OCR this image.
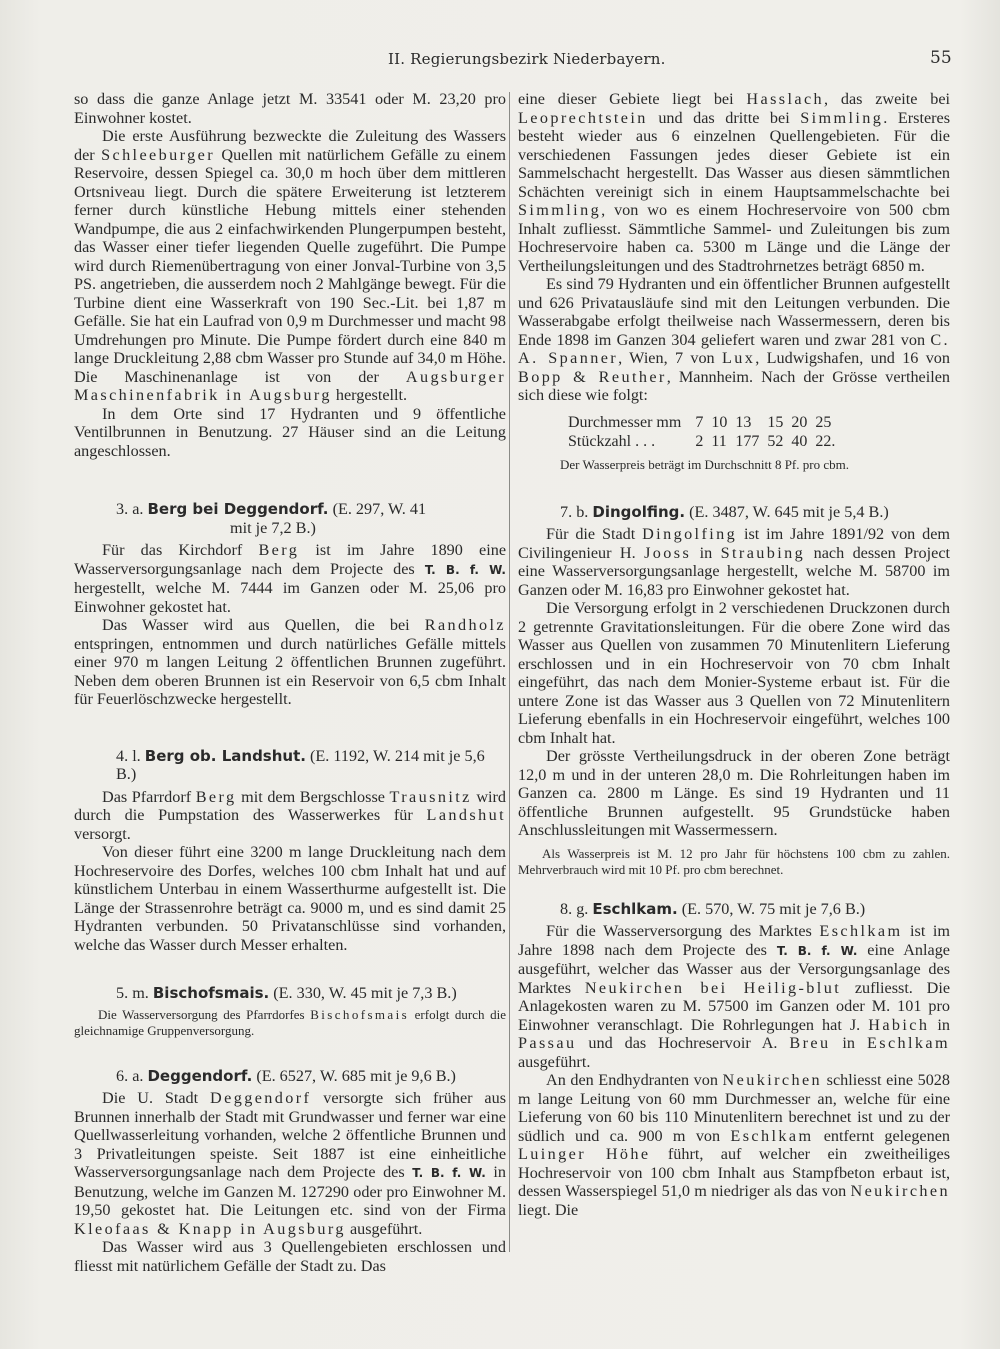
II. Regierungsbezirk Niederbayern.	55

so dass die ganze Anlage jetzt M. 33541 oder M. 23,20 pro Einwohner kostet.

Die erste Ausführung bezweckte die Zuleitung des Wassers der Schleeburger Quellen mit natürlichem Gefälle zu einem Reservoire, dessen Spiegel ca. 30,0 m hoch über dem mittleren Ortsniveau liegt. Durch die spätere Erweiterung ist letzterem ferner durch künstliche Hebung mittels einer stehenden Wandpumpe, die aus 2 einfachwirkenden Plungerpumpen besteht, das Wasser einer tiefer liegenden Quelle zugeführt. Die Pumpe wird durch Riemenübertragung von einer Jonval-Turbine von 3,5 PS. angetrieben, die ausserdem noch 2 Mahlgänge bewegt. Für die Turbine dient eine Wasserkraft von 190 Sec.-Lit. bei 1,87 m Gefälle. Sie hat ein Laufrad von 0,9 m Durchmesser und macht 98 Umdrehungen pro Minute. Die Pumpe fördert durch eine 840 m lange Druckleitung 2,88 cbm Wasser pro Stunde auf 34,0 m Höhe. Die Maschinenanlage ist von der Augsburger Maschinenfabrik in Augsburg hergestellt.

In dem Orte sind 17 Hydranten und 9 öffentliche Ventilbrunnen in Benutzung. 27 Häuser sind an die Leitung angeschlossen.

3. a. Berg bei Deggendorf. (E. 297, W. 41
mit je 7,2 B.)

Für das Kirchdorf Berg ist im Jahre 1890 eine Wasserversorgungsanlage nach dem Projecte des T. B. f. W. hergestellt, welche M. 7444 im Ganzen oder M. 25,06 pro Einwohner gekostet hat.

Das Wasser wird aus Quellen, die bei Randholz entspringen, entnommen und durch natürliches Gefälle mittels einer 970 m langen Leitung 2 öffentlichen Brunnen zugeführt. Neben dem oberen Brunnen ist ein Reservoir von 6,5 cbm Inhalt für Feuerlöschzwecke hergestellt.

4. l. Berg ob. Landshut. (E. 1192, W. 214 mit je 5,6 B.)

Das Pfarrdorf Berg mit dem Bergschlosse Trausnitz wird durch die Pumpstation des Wasserwerkes für Landshut versorgt.

Von dieser führt eine 3200 m lange Druckleitung nach dem Hochreservoire des Dorfes, welches 100 cbm Inhalt hat und auf künstlichem Unterbau in einem Wasserthurme aufgestellt ist. Die Länge der Strassenrohre beträgt ca. 9000 m, und es sind damit 25 Hydranten verbunden. 50 Privatanschlüsse sind vorhanden, welche das Wasser durch Messer erhalten.

5. m. Bischofsmais. (E. 330, W. 45 mit je 7,3 B.)

Die Wasserversorgung des Pfarrdorfes Bischofsmais erfolgt durch die gleichnamige Gruppenversorgung.

6. a. Deggendorf. (E. 6527, W. 685 mit je 9,6 B.)

Die U. Stadt Deggendorf versorgte sich früher aus Brunnen innerhalb der Stadt mit Grundwasser und ferner war eine Quellwasserleitung vorhanden, welche 2 öffentliche Brunnen und 3 Privatleitungen speiste. Seit 1887 ist eine einheitliche Wasserversorgungsanlage nach dem Projecte des T. B. f. W. in Benutzung, welche im Ganzen M. 127290 oder pro Einwohner M. 19,50 gekostet hat. Die Leitungen etc. sind von der Firma Kleofaas & Knapp in Augsburg ausgeführt.

Das Wasser wird aus 3 Quellengebieten erschlossen und fliesst mit natürlichem Gefälle der Stadt zu. Das

eine dieser Gebiete liegt bei Hasslach, das zweite bei Leoprechtstein und das dritte bei Simmling. Ersteres besteht wieder aus 6 einzelnen Quellengebieten. Für die verschiedenen Fassungen jedes dieser Gebiete ist ein Sammelschacht hergestellt. Das Wasser aus diesen sämmtlichen Schächten vereinigt sich in einem Hauptsammelschachte bei Simmling, von wo es einem Hochreservoire von 500 cbm Inhalt zufliesst. Sämmtliche Sammel- und Zuleitungen bis zum Hochreservoire haben ca. 5300 m Länge und die Länge der Vertheilungsleitungen und des Stadtrohrnetzes beträgt 6850 m.

Es sind 79 Hydranten und ein öffentlicher Brunnen aufgestellt und 626 Privatausläufe sind mit den Leitungen verbunden. Die Wasserabgabe erfolgt theilweise nach Wassermessern, deren bis Ende 1898 im Ganzen 304 geliefert waren und zwar 281 von C. A. Spanner, Wien, 7 von Lux, Ludwigshafen, und 16 von Bopp & Reuther, Mannheim. Nach der Grösse vertheilen sich diese wie folgt:

Durchmesser mm	7	10	13	15	20	25
Stückzahl . . .	2	11	177	52	40	22.

Der Wasserpreis beträgt im Durchschnitt 8 Pf. pro cbm.

7. b. Dingolfing. (E. 3487, W. 645 mit je 5,4 B.)

Für die Stadt Dingolfing ist im Jahre 1891/92 von dem Civilingenieur H. Jooss in Straubing nach dessen Project eine Wasserversorgungsanlage hergestellt, welche M. 58700 im Ganzen oder M. 16,83 pro Einwohner gekostet hat.

Die Versorgung erfolgt in 2 verschiedenen Druckzonen durch 2 getrennte Gravitationsleitungen. Für die obere Zone wird das Wasser aus Quellen von zusammen 70 Minutenlitern Lieferung erschlossen und in ein Hochreservoir von 70 cbm Inhalt eingeführt, das nach dem Monier-Systeme erbaut ist. Für die untere Zone ist das Wasser aus 3 Quellen von 72 Minutenlitern Lieferung ebenfalls in ein Hochreservoir eingeführt, welches 100 cbm Inhalt hat.

Der grösste Vertheilungsdruck in der oberen Zone beträgt 12,0 m und in der unteren 28,0 m. Die Rohrleitungen haben im Ganzen ca. 2800 m Länge. Es sind 19 Hydranten und 11 öffentliche Brunnen aufgestellt. 95 Grundstücke haben Anschlussleitungen mit Wassermessern.

Als Wasserpreis ist M. 12 pro Jahr für höchstens 100 cbm zu zahlen. Mehrverbrauch wird mit 10 Pf. pro cbm berechnet.

8. g. Eschlkam. (E. 570, W. 75 mit je 7,6 B.)

Für die Wasserversorgung des Marktes Eschlkam ist im Jahre 1898 nach dem Projecte des T. B. f. W. eine Anlage ausgeführt, welcher das Wasser aus der Versorgungsanlage des Marktes Neukirchen bei Heilig-blut zufliesst. Die Anlagekosten waren zu M. 57500 im Ganzen oder M. 101 pro Einwohner veranschlagt. Die Rohrlegungen hat J. Habich in Passau und das Hochreservoir A. Breu in Eschlkam ausgeführt.

An den Endhydranten von Neukirchen schliesst eine 5028 m lange Leitung von 60 mm Durchmesser an, welche für eine Lieferung von 60 bis 110 Minutenlitern berechnet ist und zu der südlich und ca. 900 m von Eschlkam entfernt gelegenen Luinger Höhe führt, auf welcher ein zweitheiliges Hochreservoir von 100 cbm Inhalt aus Stampfbeton erbaut ist, dessen Wasserspiegel 51,0 m niedriger als das von Neukirchen liegt. Die
